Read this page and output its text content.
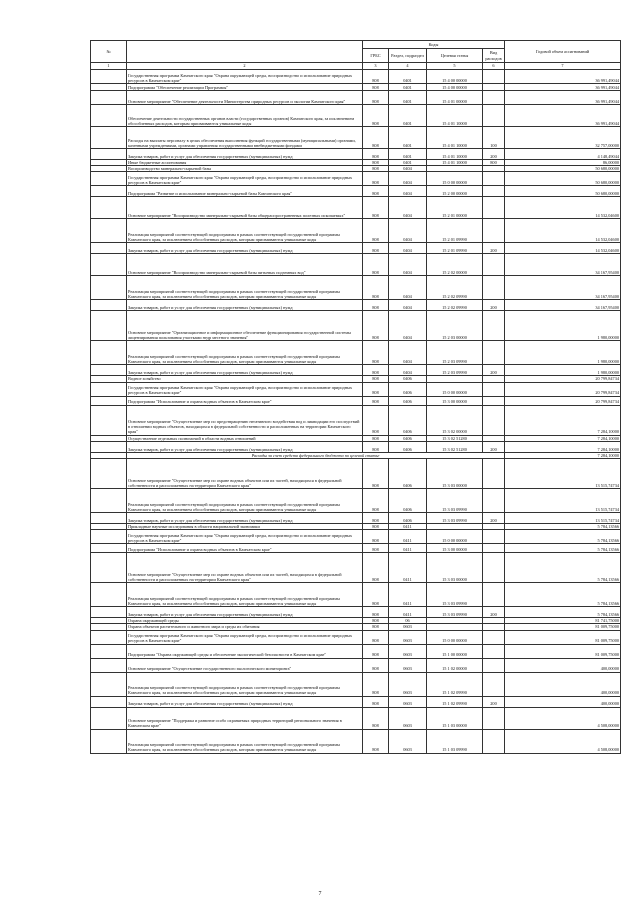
№		Коды				Годовой объем ассигнований
		ГРБС	Раздел, подраздел	Целевая статья	Вид расходов	
1	2	3	4	5	6	7
	Государственная программа Камчатского края "Охрана окружающей среды, воспроизводство и использование природных ресурсов в Камчатском крае"	808	0401	15 4 00 00000		36 991,49044
	Подпрограмма "Обеспечение реализации Программы"	808	0401	15 4 00 00000		36 991,49044
	Основное мероприятие "Обеспечение деятельности Министерства природных ресурсов и экологии Камчатского края"	808	0401	15 4 01 00000		36 991,49044
	Обеспечение деятельности государственных органов власти (государственных органов) Камчатского края, за исключением обособленных расходов, которым присваиваются уникальные коды	808	0401	15 4 01 10000		36 991,49044
	Расходы на выплаты персоналу в целях обеспечения выполнения функций государственными (муниципальными) органами, казенными учреждениями, органами управления государственными внебюджетными фондами	808	0401	15 4 01 10000	100	32 757,00000
	Закупка товаров, работ и услуг для обеспечения государственных (муниципальных) нужд	808	0401	15 4 01 10000	200	4 148,49044
	Иные бюджетные ассигнования	808	0401	15 4 01 10000	800	86,00000
	Воспроизводство минерально-сырьевой базы	808	0404			50 680,00000
	Государственная программа Камчатского края "Охрана окружающей среды, воспроизводство и использование природных ресурсов в Камчатском крае"	808	0404	15 0 00 00000		50 680,00000
	Подпрограмма "Развитие и использование минерально-сырьевой базы Камчатского края"	808	0404	15 2 00 00000		50 680,00000
	Основное мероприятие "Воспроизводство минерально-сырьевой базы общераспространенных полезных ископаемых"	808	0404	15 2 01 00000		14 532,04600
	Реализация мероприятий соответствующей подпрограммы в рамках соответствующей государственной программы Камчатского края, за исключением обособленных расходов, которым присваиваются уникальные коды	808	0404	15 2 01 09990		14 532,04600
	Закупка товаров, работ и услуг для обеспечения государственных (муниципальных) нужд	808	0404	15 2 01 09990	200	14 532,04600
	Основное мероприятие "Воспроизводство минерально-сырьевой базы питьевых подземных вод"	808	0404	15 2 02 00000		34 167,95400
	Реализация мероприятий соответствующей подпрограммы в рамках соответствующей государственной программы Камчатского края, за исключением обособленных расходов, которым присваиваются уникальные коды	808	0404	15 2 02 09990		34 167,95400
	Закупка товаров, работ и услуг для обеспечения государственных (муниципальных) нужд	808	0404	15 2 02 09990	200	34 167,95400
	Основное мероприятие "Организационное и информационное обеспечение функционирования государственной системы лицензирования пользования участками недр местного значения"	808	0404	15 2 03 00000		1 980,00000
	Реализация мероприятий соответствующей подпрограммы в рамках соответствующей государственной программы Камчатского края, за исключением обособленных расходов, которым присваиваются уникальные коды	808	0404	15 2 03 09990		1 980,00000
	Закупка товаров, работ и услуг для обеспечения государственных (муниципальных) нужд	808	0404	15 2 03 09990	200	1 980,00000
	Водное хозяйство	808	0406			20 799,84734
	Государственная программа Камчатского края "Охрана окружающей среды, воспроизводство и использование природных ресурсов в Камчатском крае"	808	0406	15 0 00 00000		20 799,84734
	Подпрограмма "Использование и охрана водных объектов в Камчатском крае"	808	0406	15 3 00 00000		20 799,84734
	Основное мероприятие "Осуществление мер по предотвращению негативного воздействия вод и ликвидации его последствий в отношении водных объектов, находящихся в федеральной собственности и расположенных на территории Камчатского края"	808	0406	15 3 02 00000		7 284,10000
	Осуществление отдельных полномочий в области водных отношений	808	0406	15 3 02 51280		7 284,10000
	Закупка товаров, работ и услуг для обеспечения государственных (муниципальных) нужд	808	0406	15 3 02 51280	200	7 284,10000
	Расходы за счет средств федерального бюджета по целевой статье					7 284,10000
	Основное мероприятие "Осуществление мер по охране водных объектов или их частей, находящихся в федеральной собственности и расположенных на территории Камчатского края"	808	0406	15 3 03 00000		13 515,74734
	Реализация мероприятий соответствующей подпрограммы в рамках соответствующей государственной программы Камчатского края, за исключением обособленных расходов, которым присваиваются уникальные коды	808	0406	15 3 03 09990		13 515,74734
	Закупка товаров, работ и услуг для обеспечения государственных (муниципальных) нужд	808	0406	15 3 03 09990	200	13 515,74734
	Прикладные научные исследования в области национальной экономики	808	0411			5 784,13566
	Государственная программа Камчатского края "Охрана окружающей среды, воспроизводство и использование природных ресурсов в Камчатском крае"	808	0411	15 0 00 00000		5 784,13566
	Подпрограмма "Использование и охрана водных объектов в Камчатском крае"	808	0411	15 3 00 00000		5 784,13566
	Основное мероприятие "Осуществление мер по охране водных объектов или их частей, находящихся в федеральной собственности и расположенных на территории Камчатского края"	808	0411	15 3 03 00000		5 784,13566
	Реализация мероприятий соответствующей подпрограммы в рамках соответствующей государственной программы Камчатского края, за исключением обособленных расходов, которым присваиваются уникальные коды	808	0411	15 3 03 09990		5 784,13566
	Закупка товаров, работ и услуг для обеспечения государственных (муниципальных) нужд	808	0411	15 3 03 09990	200	5 784,13566
	Охрана окружающей среды	808	06			81 741,75000
	Охрана объектов растительного и животного мира и среды их обитания	808	0603			81 009,75000
	Государственная программа Камчатского края "Охрана окружающей среды, воспроизводство и использование природных ресурсов в Камчатском крае"	808	0603	15 0 00 00000		81 009,75000
	Подпрограмма "Охрана окружающей среды и обеспечение экологической безопасности в Камчатском крае"	808	0603	15 1 00 00000		81 009,75000
	Основное мероприятие "Осуществление государственного экологического мониторинга"	808	0603	15 1 02 00000		400,00000
	Реализация мероприятий соответствующей подпрограммы в рамках соответствующей государственной программы Камчатского края, за исключением обособленных расходов, которым присваиваются уникальные коды	808	0603	15 1 02 09990		400,00000
	Закупка товаров, работ и услуг для обеспечения государственных (муниципальных) нужд	808	0603	15 1 02 09990	200	400,00000
	Основное мероприятие "Поддержка и развитие особо охраняемых природных территорий регионального значения в Камчатском крае"	808	0603	15 1 03 00000		4 508,00000
	Реализация мероприятий соответствующей подпрограммы в рамках соответствующей государственной программы Камчатского края, за исключением обособленных расходов, которым присваиваются уникальные коды	808	0603	15 1 03 09990		4 508,00000
7
